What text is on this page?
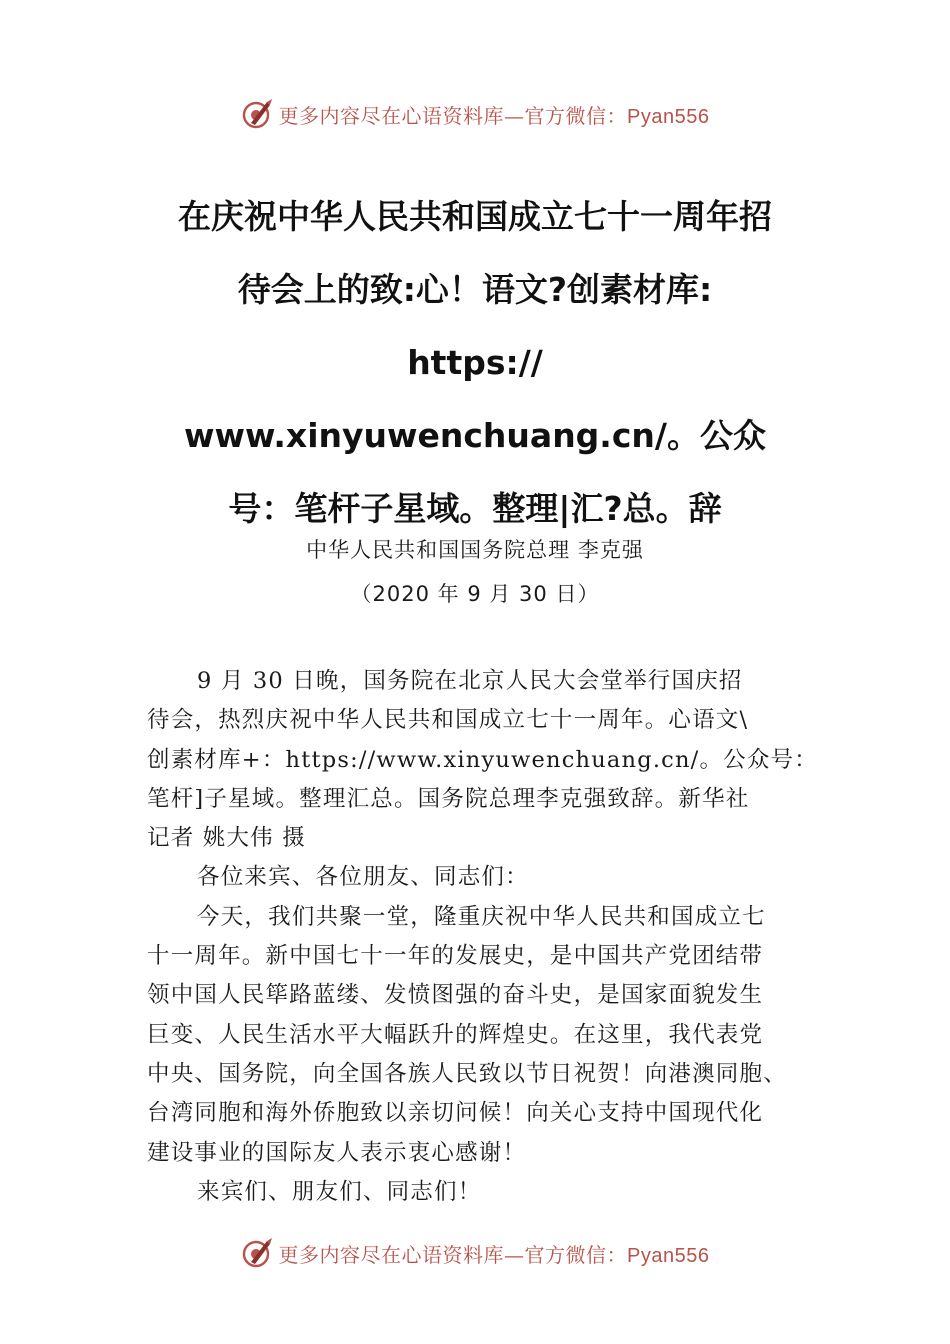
更多内容尽在心语资料库—官方微信：Pyan556
在庆祝中华人民共和国成立七十一周年招
待会上的致:心！语文?创素材库:
https://
www.xinyuwenchuang.cn/。公众
号：笔杆子星域。整理|汇?总。辞
中华人民共和国国务院总理 李克强
（2020 年 9 月 30 日）

9 月 30 日晚，国务院在北京人民大会堂举行国庆招
待会，热烈庆祝中华人民共和国成立七十一周年。心语文\
创素材库+：https://www.xinyuwenchuang.cn/。公众号：
笔杆]子星域。整理汇总。国务院总理李克强致辞。新华社
记者 姚大伟 摄

各位来宾、各位朋友、同志们：

今天，我们共聚一堂，隆重庆祝中华人民共和国成立七
十一周年。新中国七十一年的发展史，是中国共产党团结带
领中国人民筚路蓝缕、发愤图强的奋斗史，是国家面貌发生
巨变、人民生活水平大幅跃升的辉煌史。在这里，我代表党
中央、国务院，向全国各族人民致以节日祝贺！向港澳同胞、
台湾同胞和海外侨胞致以亲切问候！向关心支持中国现代化
建设事业的国际友人表示衷心感谢！

来宾们、朋友们、同志们！

更多内容尽在心语资料库—官方微信：Pyan556
